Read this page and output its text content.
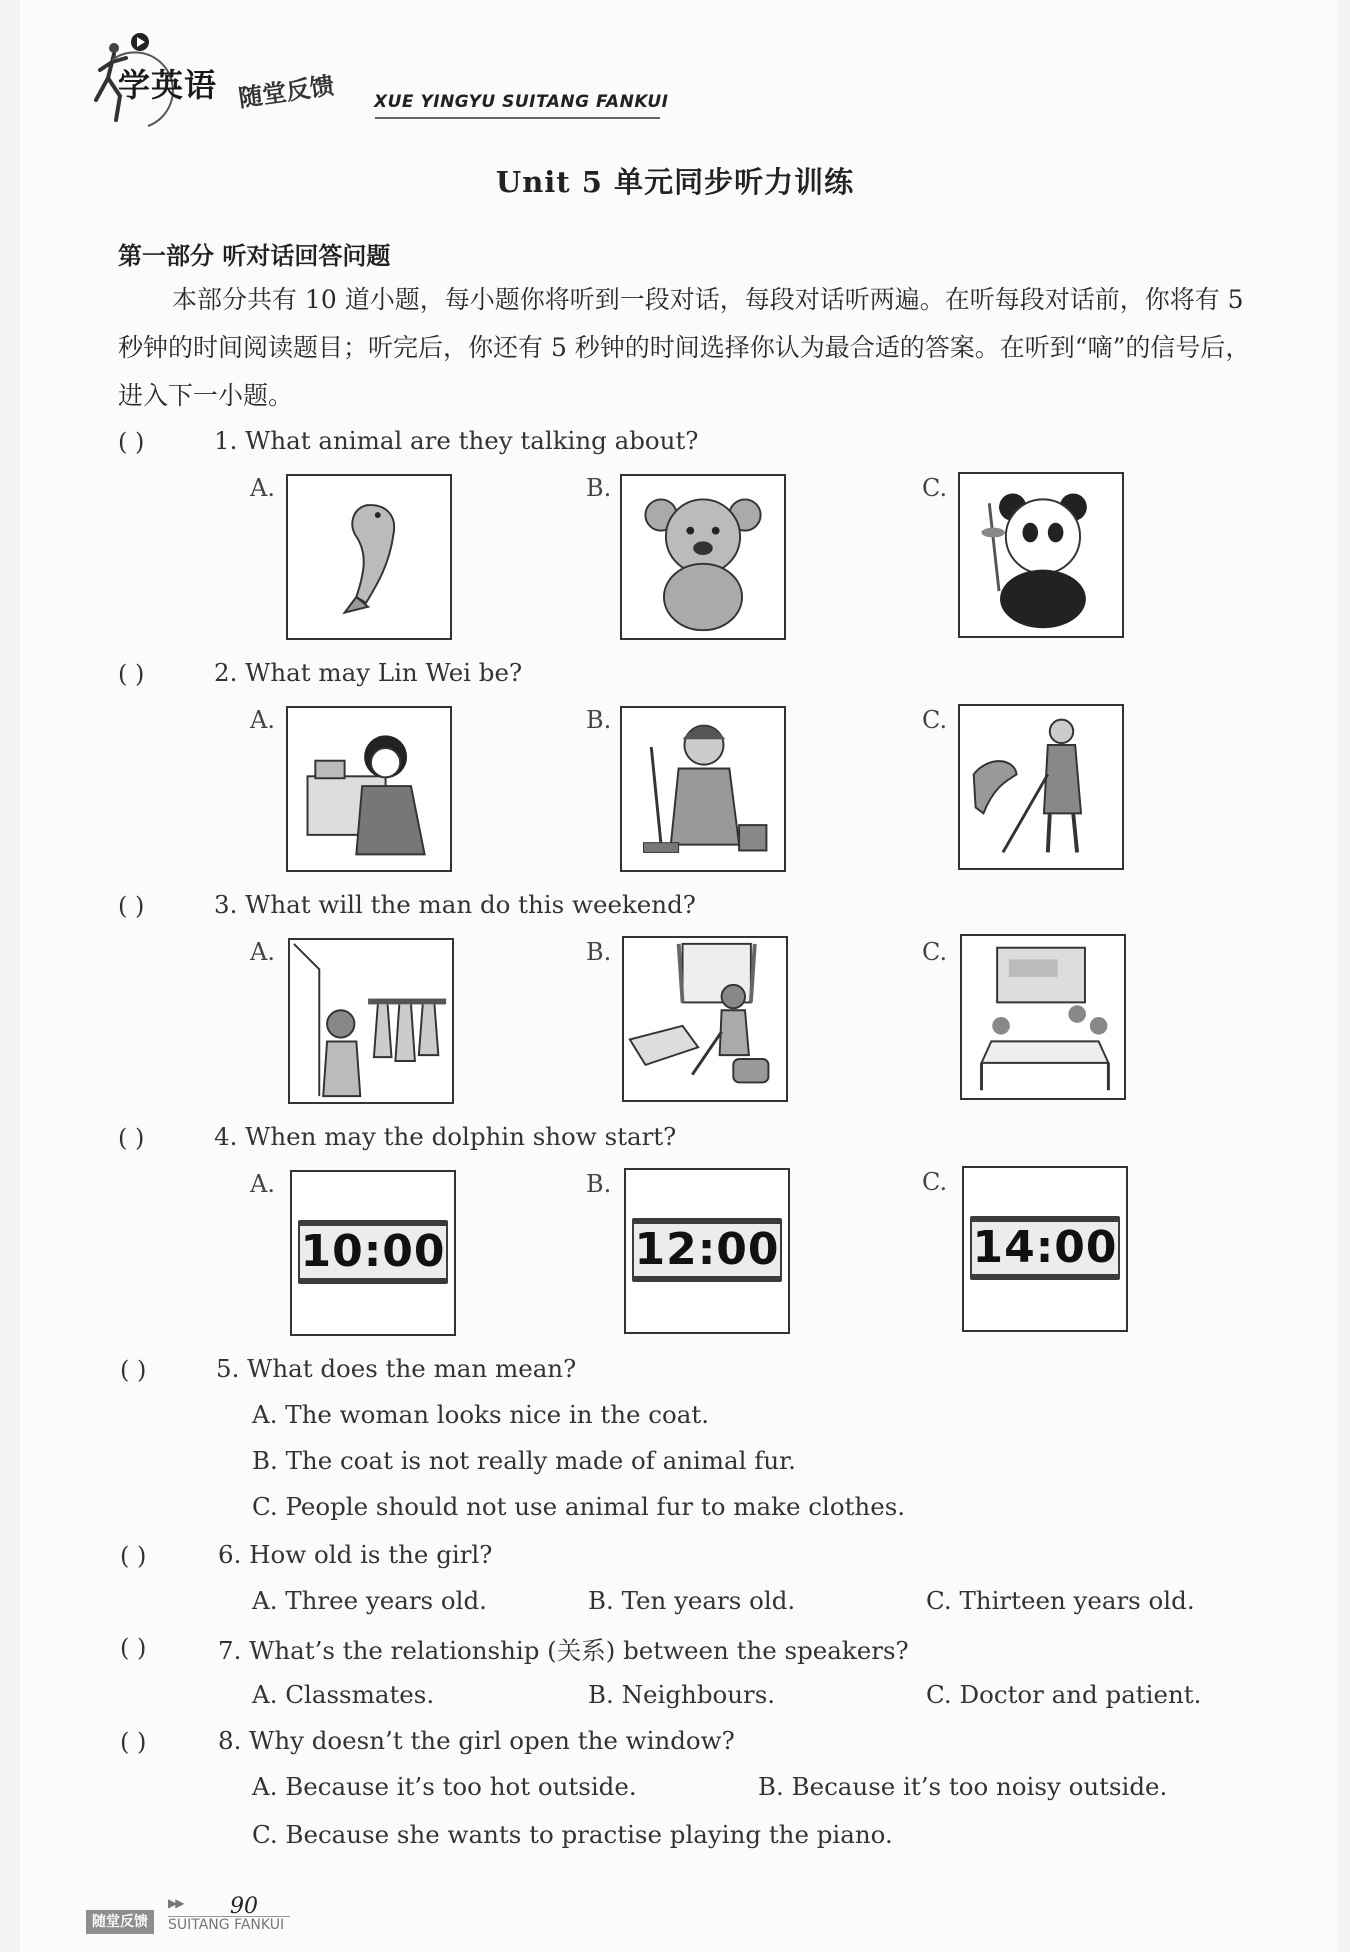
学英语 随堂反馈 XUE YINGYU SUITANG FANKUI
Unit 5 单元同步听力训练
第一部分 听对话回答问题

本部分共有 10 道小题，每小题你将听到一段对话，每段对话听两遍。在听每段对话前，你将有 5 秒钟的时间阅读题目；听完后，你还有 5 秒钟的时间选择你认为最合适的答案。在听到“嘀”的信号后，进入下一小题。

( )	1. What animal are they talking about?
A.	B.	C.
( )	2. What may Lin Wei be?
A.	B.	C.
( )	3. What will the man do this weekend?
A.	B.	C.
( )	4. When may the dolphin show start?
A.	B.	C.
10:00	12:00	14:00
( )	5. What does the man mean?
A. The woman looks nice in the coat.
B. The coat is not really made of animal fur.
C. People should not use animal fur to make clothes.
( )	6. How old is the girl?
A. Three years old.	B. Ten years old.	C. Thirteen years old.
( )	7. What’s the relationship (关系) between the speakers?
A. Classmates.	B. Neighbours.	C. Doctor and patient.
( )	8. Why doesn’t the girl open the window?
A. Because it’s too hot outside.	B. Because it’s too noisy outside.
C. Because she wants to practise playing the piano.
▶▶ 90
随堂反馈	SUITANG FANKUI
